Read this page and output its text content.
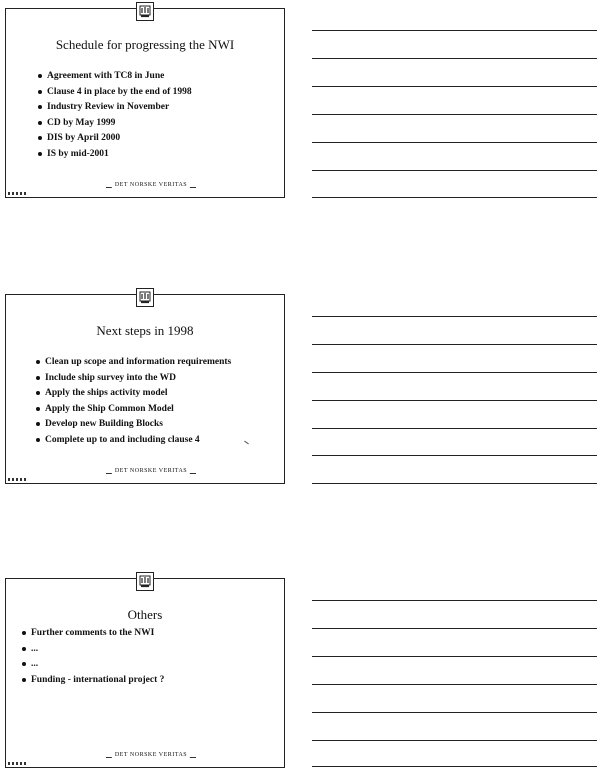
Schedule for progressing the NWI
Agreement with TC8 in June
Clause 4 in place by the end of 1998
Industry Review in November
CD by May 1999
DIS by April 2000
IS by mid-2001
DET NORSKE VERITAS
Next steps in 1998
Clean up scope and information requirements
Include ship survey into the WD
Apply the ships activity model
Apply the Ship Common Model
Develop new Building Blocks
Complete up to and including clause 4
DET NORSKE VERITAS
Others
Further comments to the NWI
...
...
Funding - international project ?
DET NORSKE VERITAS
